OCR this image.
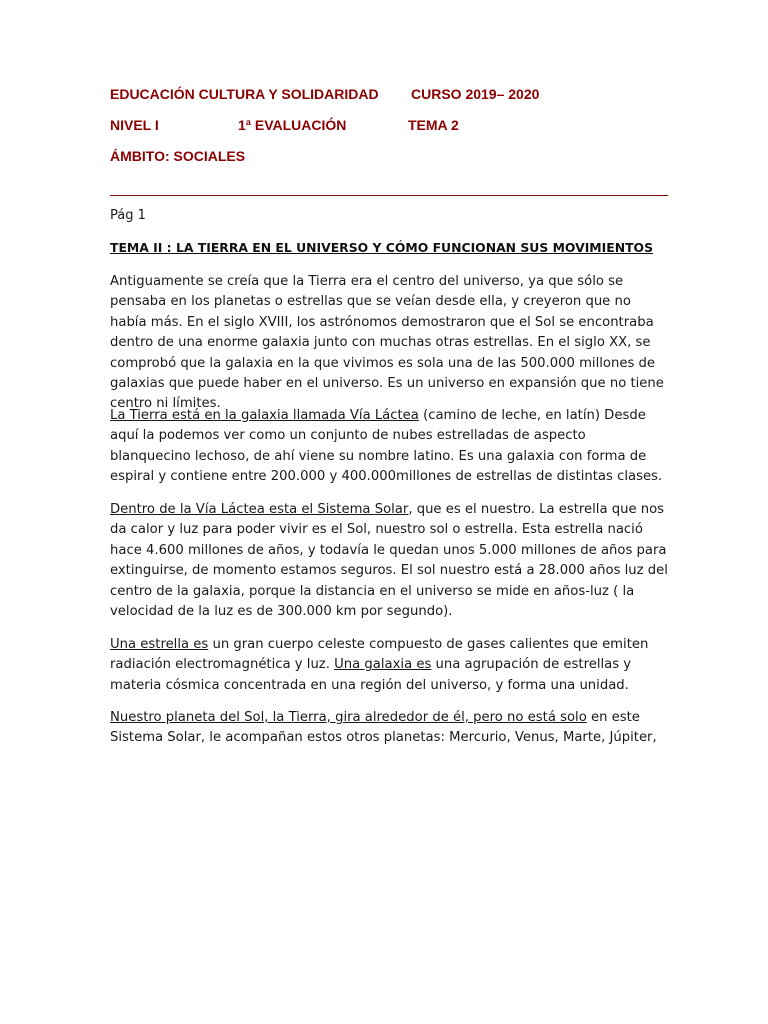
EDUCACIÓN CULTURA Y SOLIDARIDAD CURSO 2019– 2020
NIVEL I	1ª EVALUACIÓN	TEMA 2
ÁMBITO: SOCIALES
Pág 1
TEMA II : LA TIERRA EN EL UNIVERSO Y CÓMO FUNCIONAN SUS MOVIMIENTOS
Antiguamente se creía que la Tierra era el centro del universo, ya que sólo se pensaba en los planetas o estrellas que se veían desde ella, y creyeron que no había más. En el siglo XVIII, los astrónomos demostraron que el Sol se encontraba dentro de una enorme galaxia junto con muchas otras estrellas. En el siglo XX, se comprobó que la galaxia en la que vivimos es sola una de las 500.000 millones de galaxias que puede haber en el universo. Es un universo en expansión que no tiene centro ni límites.
La Tierra está en la galaxia llamada Vía Láctea (camino de leche, en latín) Desde aquí la podemos ver como un conjunto de nubes estrelladas de aspecto blanquecino lechoso, de ahí viene su nombre latino. Es una galaxia con forma de espiral y contiene entre 200.000 y 400.000millones de estrellas de distintas clases.
Dentro de la Vía Láctea esta el Sistema Solar, que es el nuestro. La estrella que nos da calor y luz para poder vivir es el Sol, nuestro sol o estrella. Esta estrella nació hace 4.600 millones de años, y todavía le quedan unos 5.000 millones de años para extinguirse, de momento estamos seguros. El sol nuestro está a 28.000 años luz del centro de la galaxia, porque la distancia en el universo se mide en años-luz ( la velocidad de la luz es de 300.000 km por segundo).
Una estrella es un gran cuerpo celeste compuesto de gases calientes que emiten radiación electromagnética y luz. Una galaxia es una agrupación de estrellas y materia cósmica concentrada en una región del universo, y forma una unidad.
Nuestro planeta del Sol, la Tierra, gira alrededor de él, pero no está solo en este Sistema Solar, le acompañan estos otros planetas: Mercurio, Venus, Marte, Júpiter,
